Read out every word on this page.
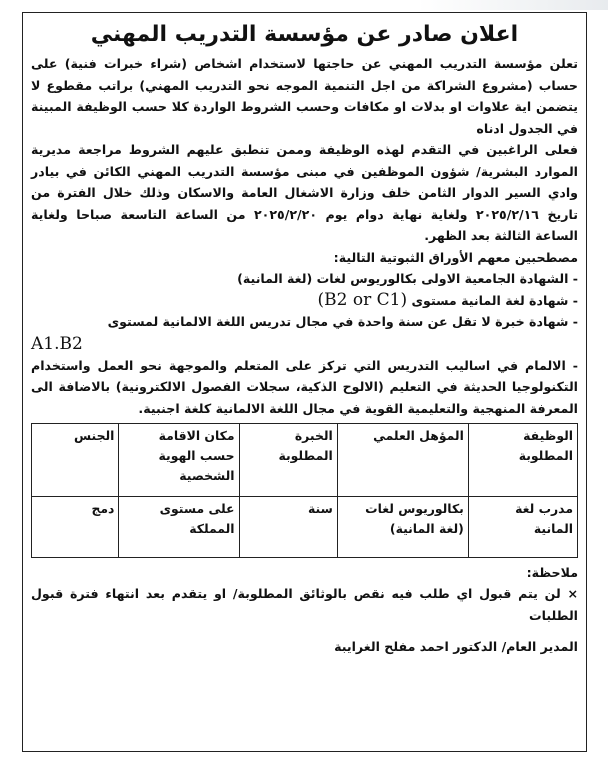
اعلان صادر عن مؤسسة التدريب المهني

تعلن مؤسسة التدريب المهني عن حاجتها لاستخدام اشخاص (شراء خبرات فنية) على حساب (مشروع الشراكة من اجل التنمية الموجه نحو التدريب المهني) براتب مقطوع لا يتضمن اية علاوات او بدلات او مكافات وحسب الشروط الواردة كلا حسب الوظيفة المبينة في الجدول ادناه

فعلى الراغبين في التقدم لهذه الوظيفة وممن تنطبق عليهم الشروط مراجعة مديرية الموارد البشرية/ شؤون الموظفين في مبنى مؤسسة التدريب المهني الكائن في بيادر وادي السير الدوار الثامن خلف وزارة الاشغال العامة والاسكان وذلك خلال الفترة من تاريخ ٢٠٢٥/٢/١٦ ولغاية نهاية دوام يوم ٢٠٢٥/٢/٢٠ من الساعة التاسعة صباحا ولغاية الساعة الثالثة بعد الظهر.

مصطحبين معهم الأوراق الثبوتية التالية:

- الشهادة الجامعية الاولى بكالوريوس لغات (لغة المانية)

- شهادة لغة المانية مستوى (B2 or C1)

- شهادة خبرة لا تقل عن سنة واحدة في مجال تدريس اللغة الالمانية لمستوى

A1.B2

- الالمام في اساليب التدريس التي تركز على المتعلم والموجهة نحو العمل واستخدام التكنولوجيا الحديثة في التعليم (الالوح الذكية، سجلات الفصول الالكترونية) بالاضافة الى المعرفة المنهجية والتعليمية القوية في مجال اللغة الالمانية كلغة اجنبية.

الوظيفة المطلوبة	المؤهل العلمي	الخبرة المطلوبة	مكان الاقامة حسب الهوية الشخصية	الجنس
مدرب لغة المانية	بكالوريوس لغات (لغة المانية)	سنة	على مستوى المملكة	دمج
ملاحظة:

× لن يتم قبول اي طلب فيه نقص بالوثائق المطلوبة/ او يتقدم بعد انتهاء فترة قبول الطلبات

المدير العام/ الدكتور احمد مفلح الغرايبة
